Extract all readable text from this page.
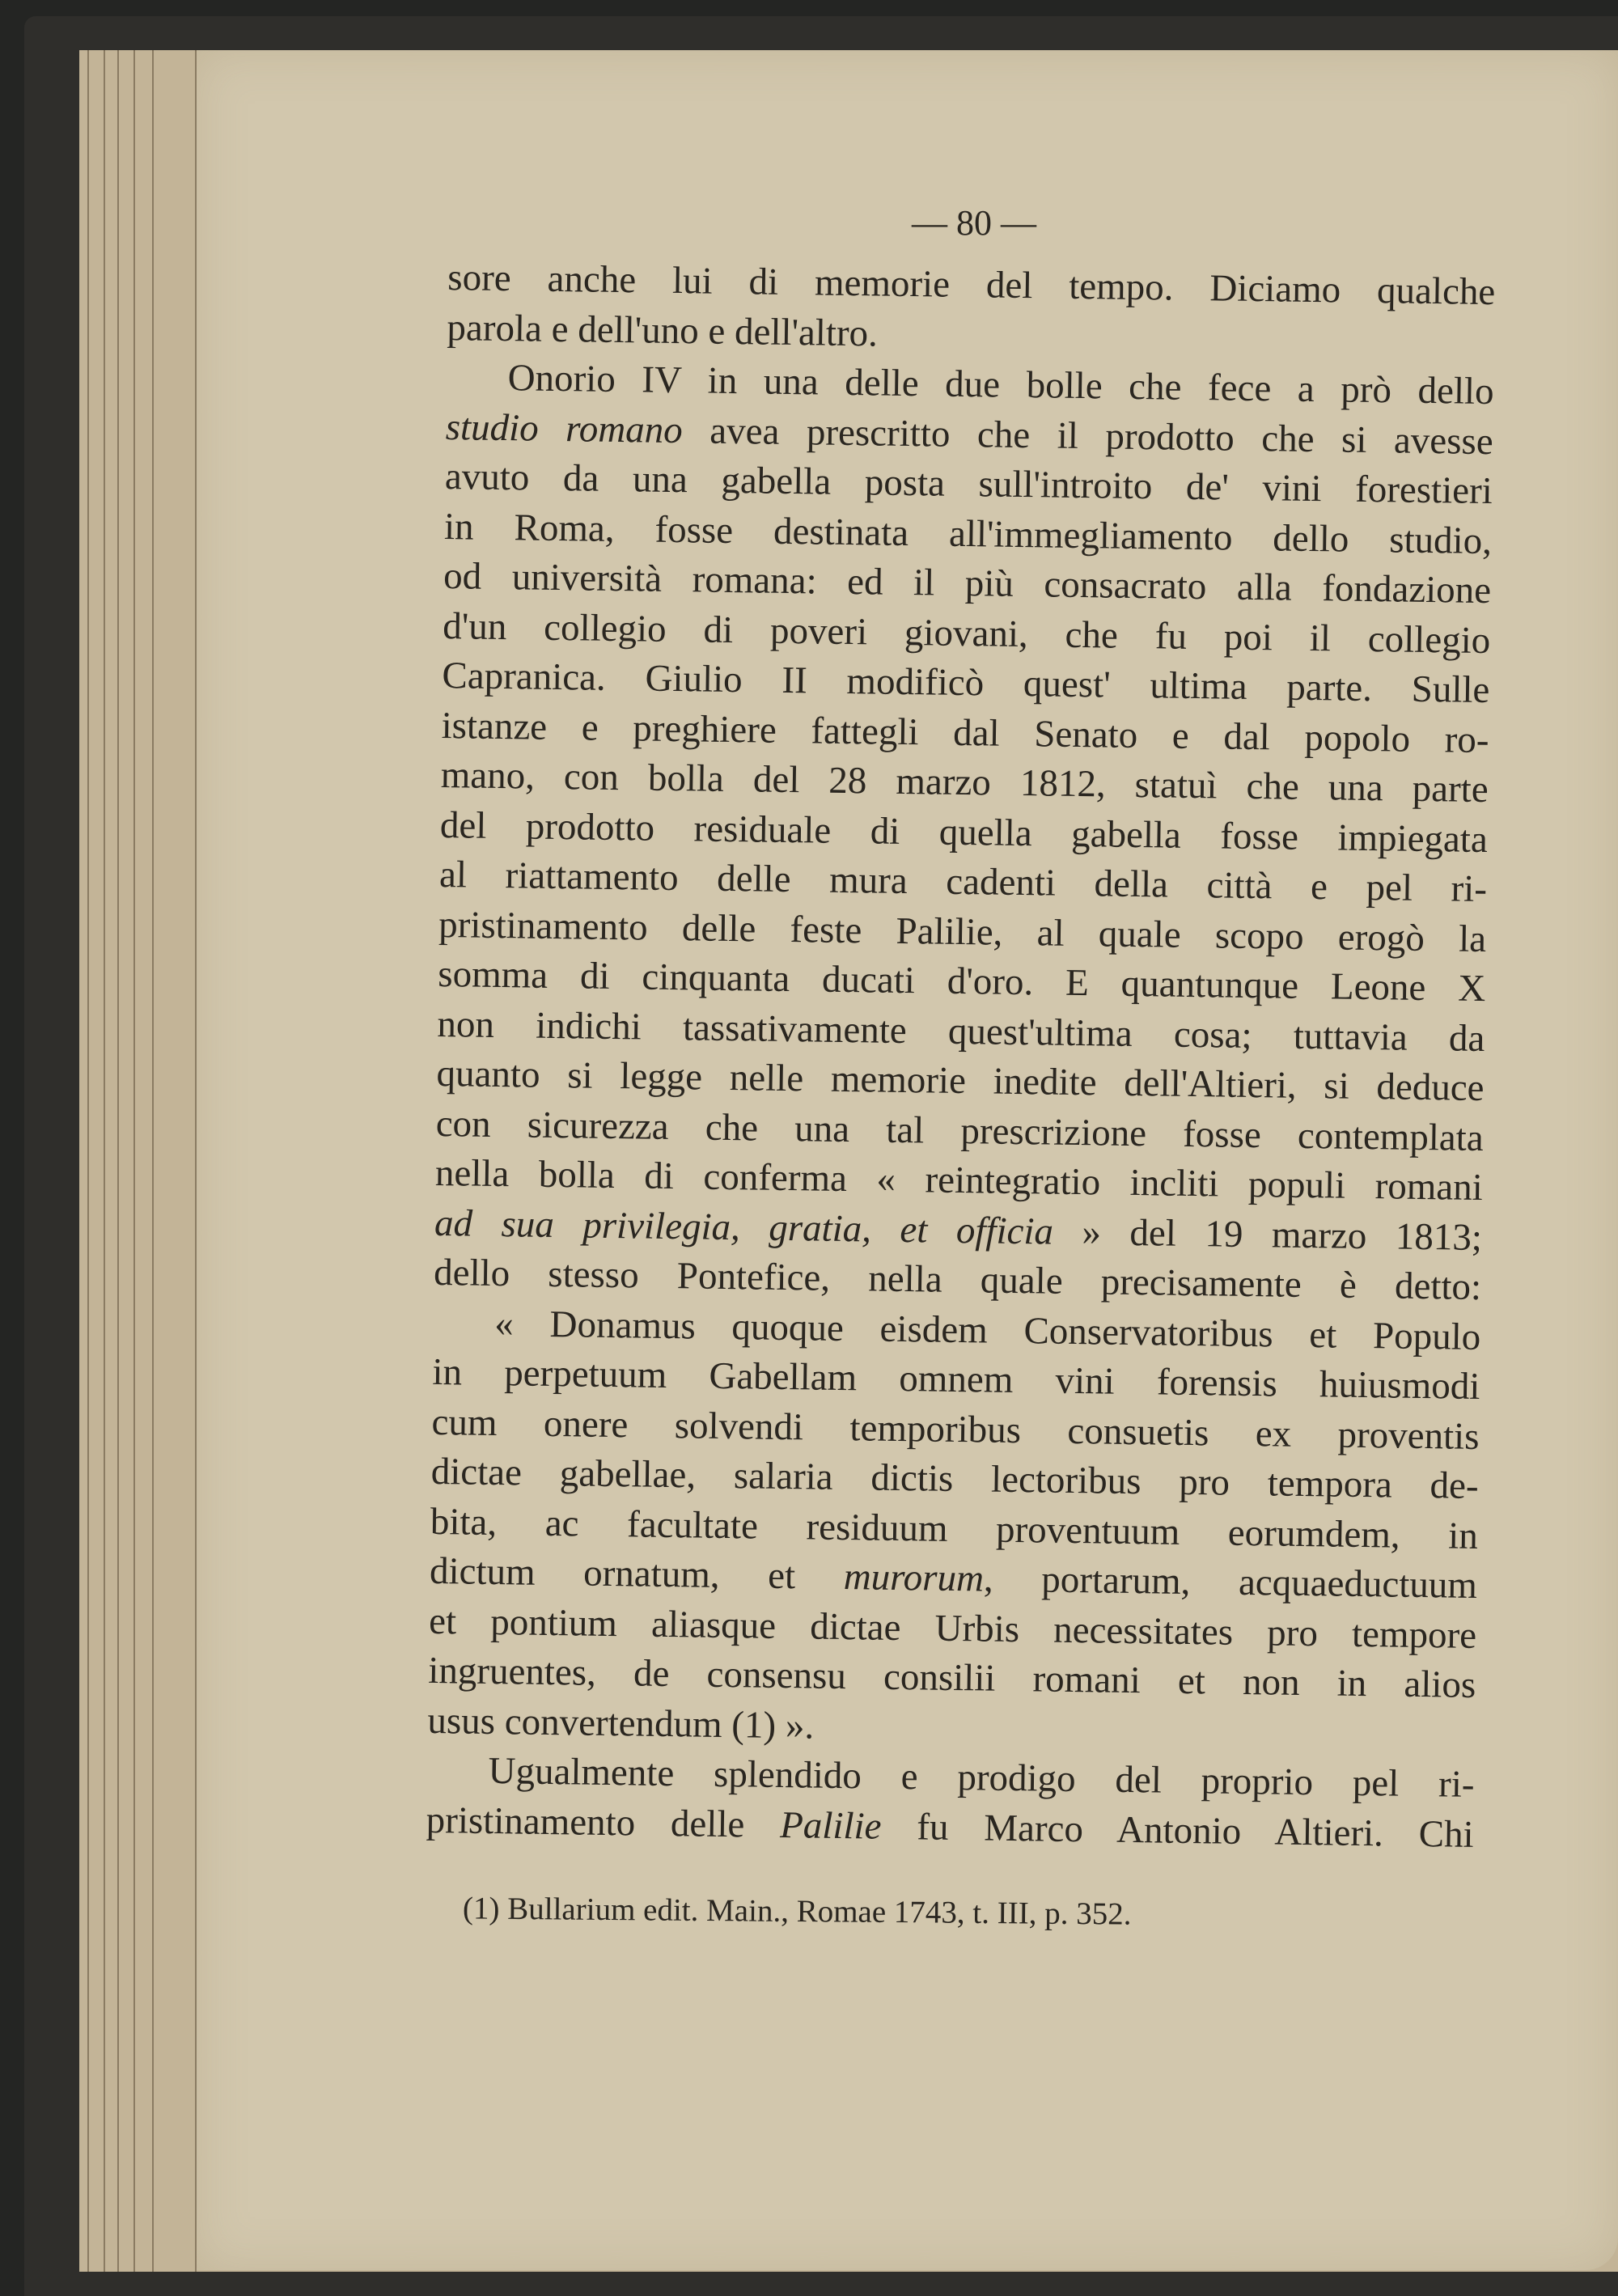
— 80 —
sore anche lui di memorie del tempo. Diciamo qualche
parola e dell'uno e dell'altro.
Onorio IV in una delle due bolle che fece a prò dello
studio romano avea prescritto che il prodotto che si avesse
avuto da una gabella posta sull'introito de' vini forestieri
in Roma, fosse destinata all'immegliamento dello studio,
od università romana: ed il più consacrato alla fondazione
d'un collegio di poveri giovani, che fu poi il collegio
Capranica. Giulio II modificò quest' ultima parte. Sulle
istanze e preghiere fattegli dal Senato e dal popolo ro-
mano, con bolla del 28 marzo 1812, statuì che una parte
del prodotto residuale di quella gabella fosse impiegata
al riattamento delle mura cadenti della città e pel ri-
pristinamento delle feste Palilie, al quale scopo erogò la
somma di cinquanta ducati d'oro. E quantunque Leone X
non indichi tassativamente quest'ultima cosa; tuttavia da
quanto si legge nelle memorie inedite dell'Altieri, si deduce
con sicurezza che una tal prescrizione fosse contemplata
nella bolla di conferma « reintegratio incliti populi romani
ad sua privilegia, gratia, et officia » del 19 marzo 1813;
dello stesso Pontefice, nella quale precisamente è detto:
« Donamus quoque eisdem Conservatoribus et Populo
in perpetuum Gabellam omnem vini forensis huiusmodi
cum onere solvendi temporibus consuetis ex proventis
dictae gabellae, salaria dictis lectoribus pro tempora de-
bita, ac facultate residuum proventuum eorumdem, in
dictum ornatum, et murorum, portarum, acquaeductuum
et pontium aliasque dictae Urbis necessitates pro tempore
ingruentes, de consensu consilii romani et non in alios
usus convertendum (1) ».
Ugualmente splendido e prodigo del proprio pel ri-
pristinamento delle Palilie fu Marco Antonio Altieri. Chi
(1) Bullarium edit. Main., Romae 1743, t. III, p. 352.
